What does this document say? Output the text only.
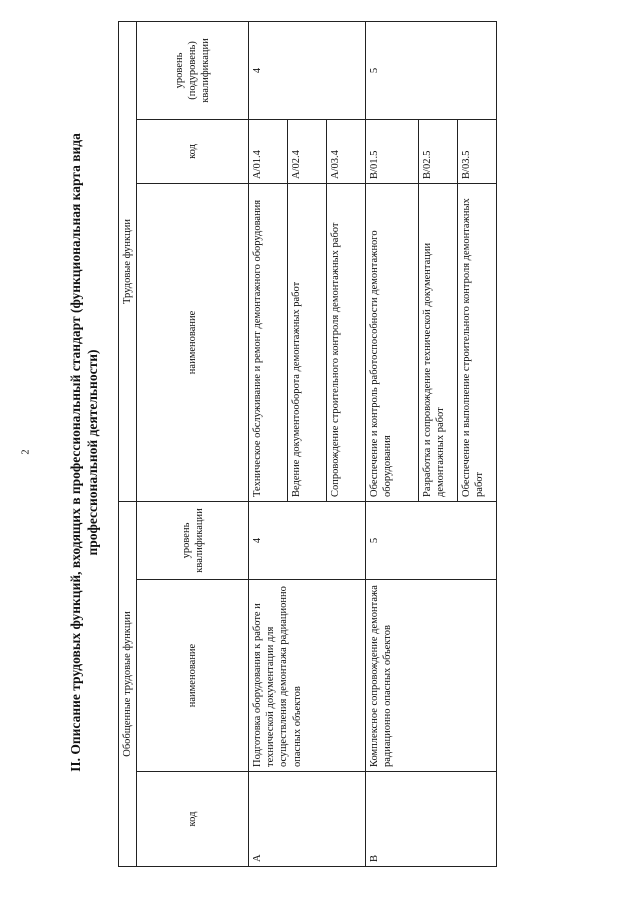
2	II. Описание трудовых функций, входящих в профессиональный стандарт (функциональная карта вида профессиональной деятельности)
Обобщенные трудовые функции			Трудовые функции		
код	наименование	уровень квалификации	наименование	код	уровень (подуровень) квалификации
A	Подготовка оборудования к работе и технической документации для осуществления демонтажа радиационно опасных объектов	4	Техническое обслуживание и ремонт демонтажного оборудования	A/01.4	4
			Ведение документооборота демонтажных работ	A/02.4	
			Сопровождение строительного контроля демонтажных работ	A/03.4	
B	Комплексное сопровождение демонтажа радиационно опасных объектов	5	Обеспечение и контроль работоспособности демонтажного оборудования	B/01.5	5
			Разработка и сопровождение технической документации демонтажных работ	B/02.5	
			Обеспечение и выполнение строительного контроля демонтажных работ	B/03.5	
